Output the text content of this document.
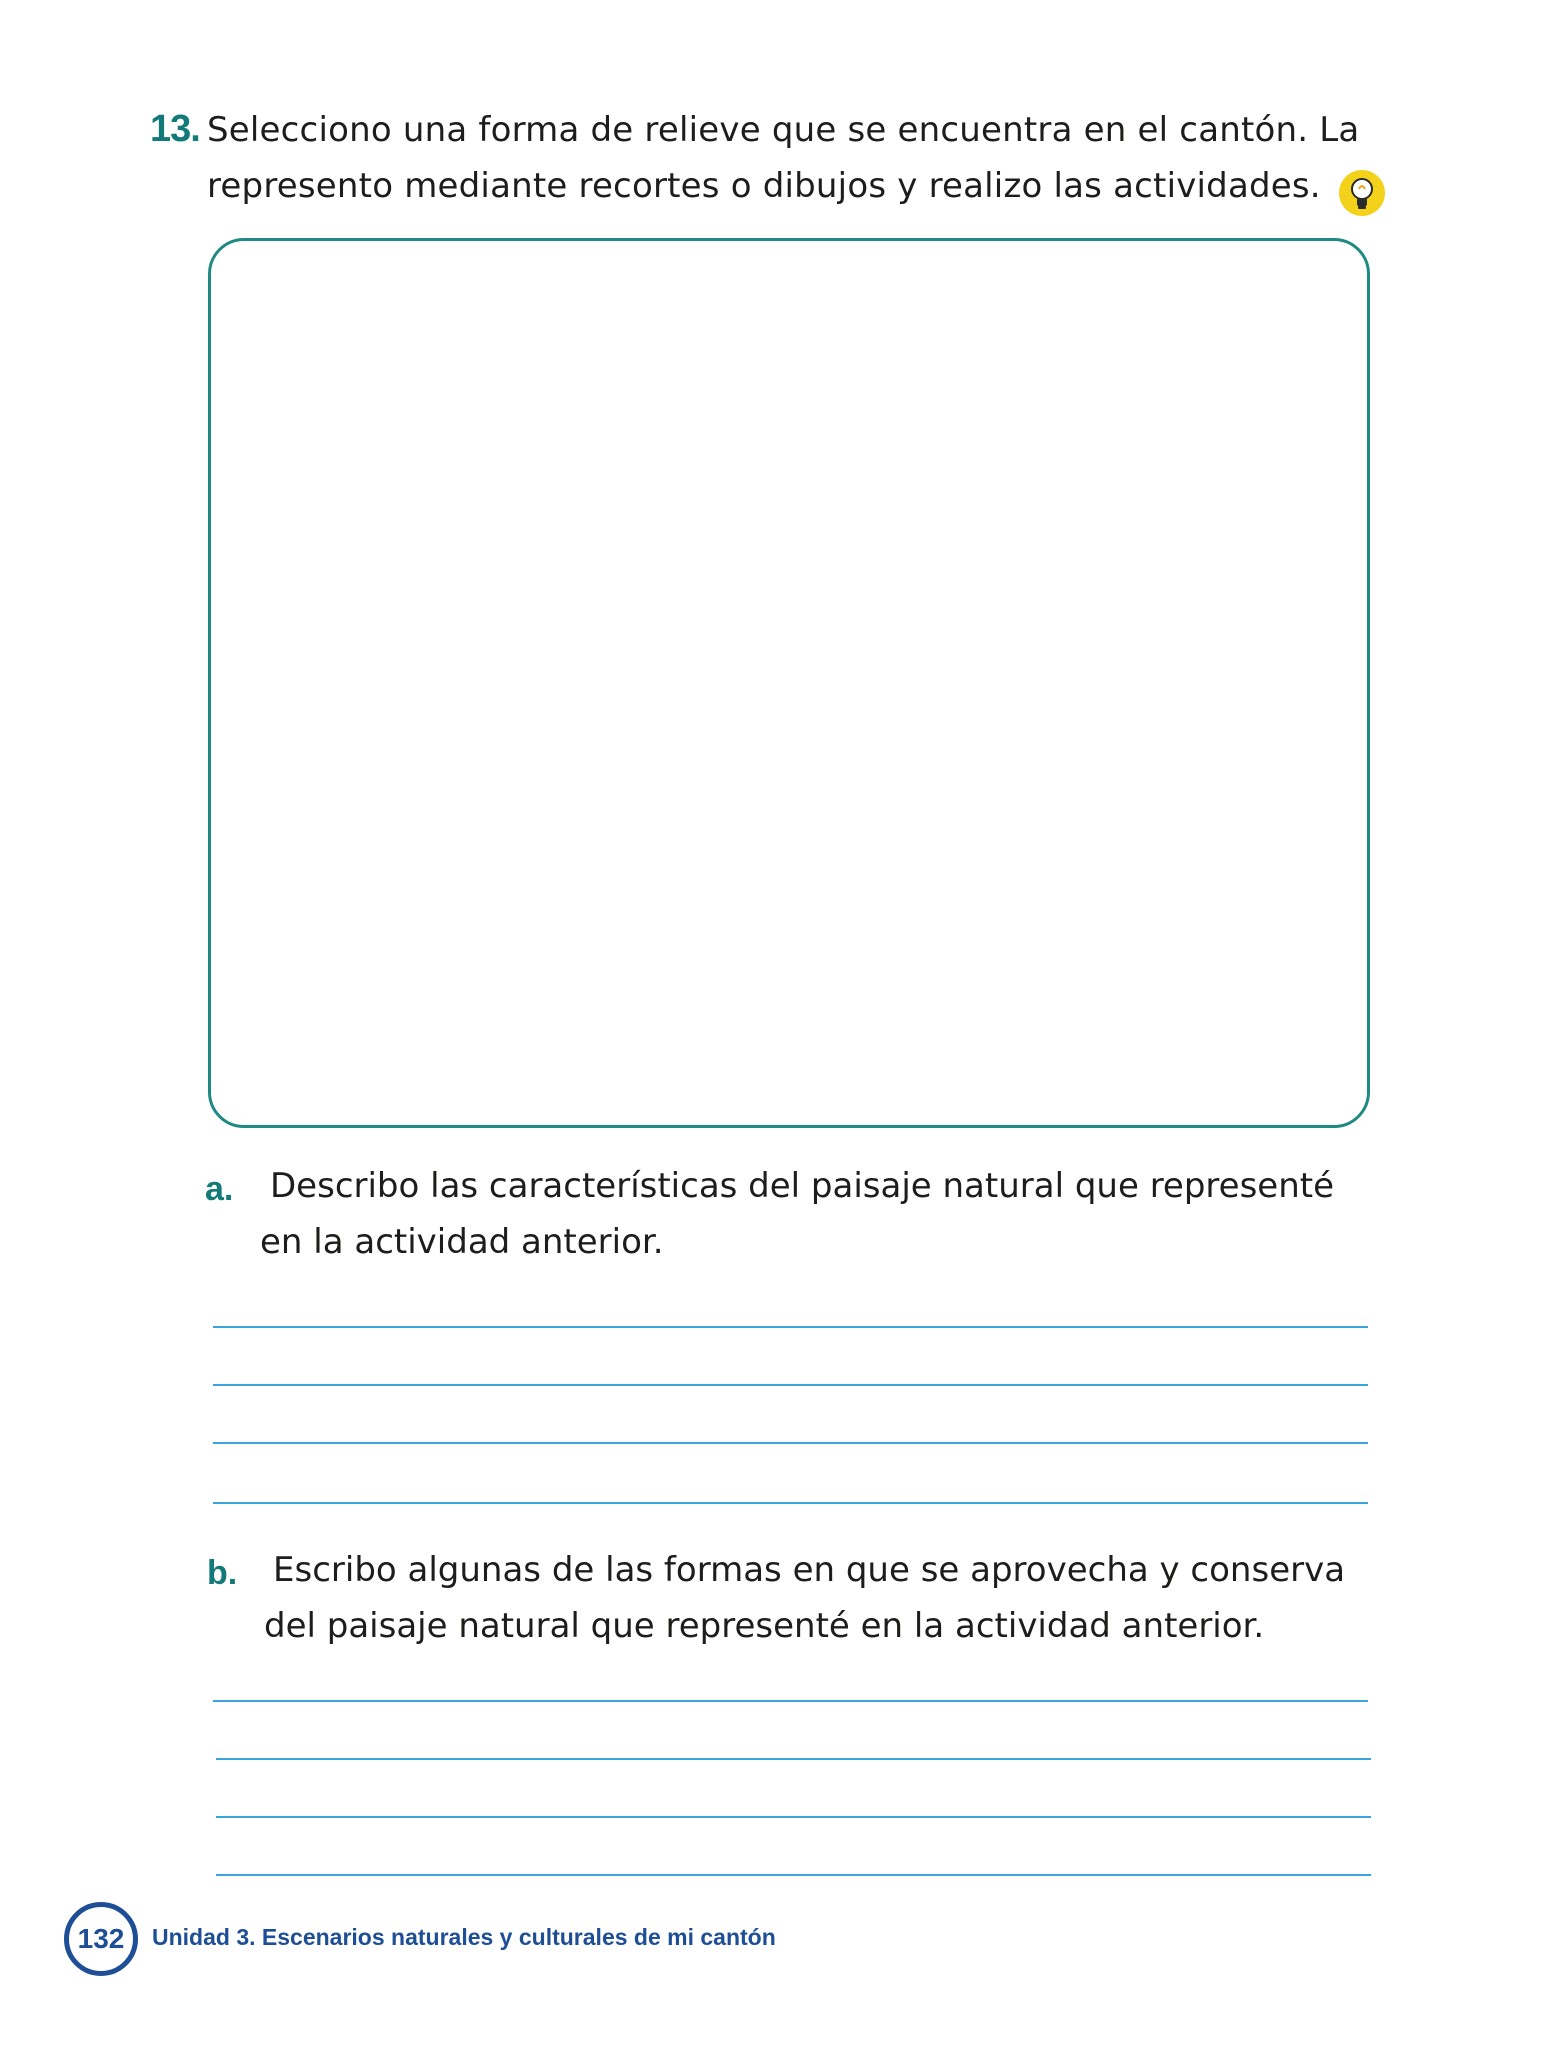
13. Selecciono una forma de relieve que se encuentra en el cantón. La
represento mediante recortes o dibujos y realizo las actividades.
a. Describo las características del paisaje natural que representé
en la actividad anterior.
b. Escribo algunas de las formas en que se aprovecha y conserva
del paisaje natural que representé en la actividad anterior.
132 Unidad 3. Escenarios naturales y culturales de mi cantón
